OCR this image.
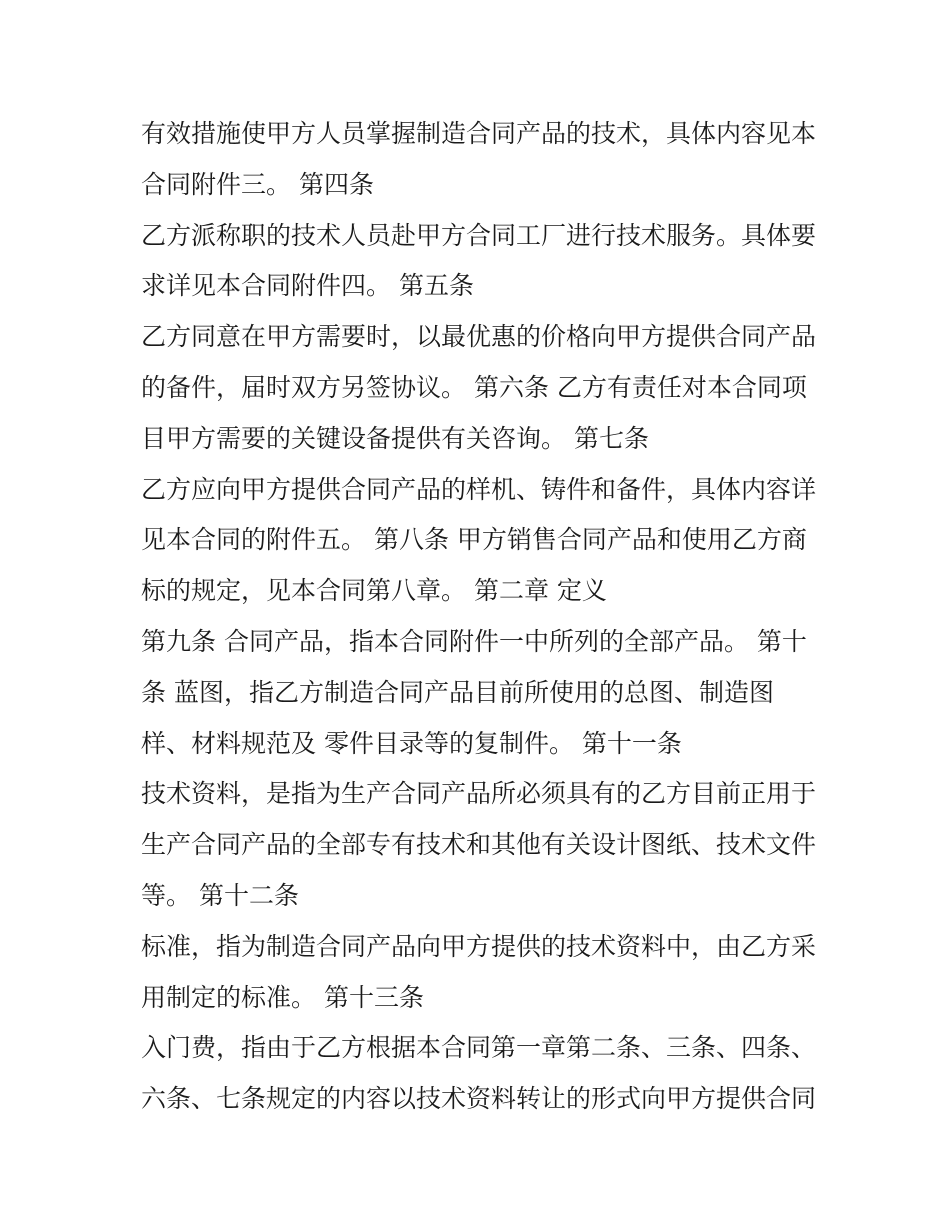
有效措施使甲方人员掌握制造合同产品的技术，具体内容见本

合同附件三。 第四条

乙方派称职的技术人员赴甲方合同工厂进行技术服务。具体要

求详见本合同附件四。 第五条

乙方同意在甲方需要时，以最优惠的价格向甲方提供合同产品

的备件，届时双方另签协议。 第六条 乙方有责任对本合同项

目甲方需要的关键设备提供有关咨询。 第七条

乙方应向甲方提供合同产品的样机、铸件和备件，具体内容详

见本合同的附件五。 第八条 甲方销售合同产品和使用乙方商

标的规定，见本合同第八章。 第二章 定义

第九条 合同产品，指本合同附件一中所列的全部产品。 第十

条 蓝图，指乙方制造合同产品目前所使用的总图、制造图

样、材料规范及 零件目录等的复制件。 第十一条

技术资料，是指为生产合同产品所必须具有的乙方目前正用于

生产合同产品的全部专有技术和其他有关设计图纸、技术文件

等。 第十二条

标准，指为制造合同产品向甲方提供的技术资料中，由乙方采

用制定的标准。 第十三条

入门费，指由于乙方根据本合同第一章第二条、三条、四条、

六条、七条规定的内容以技术资料转让的形式向甲方提供合同
